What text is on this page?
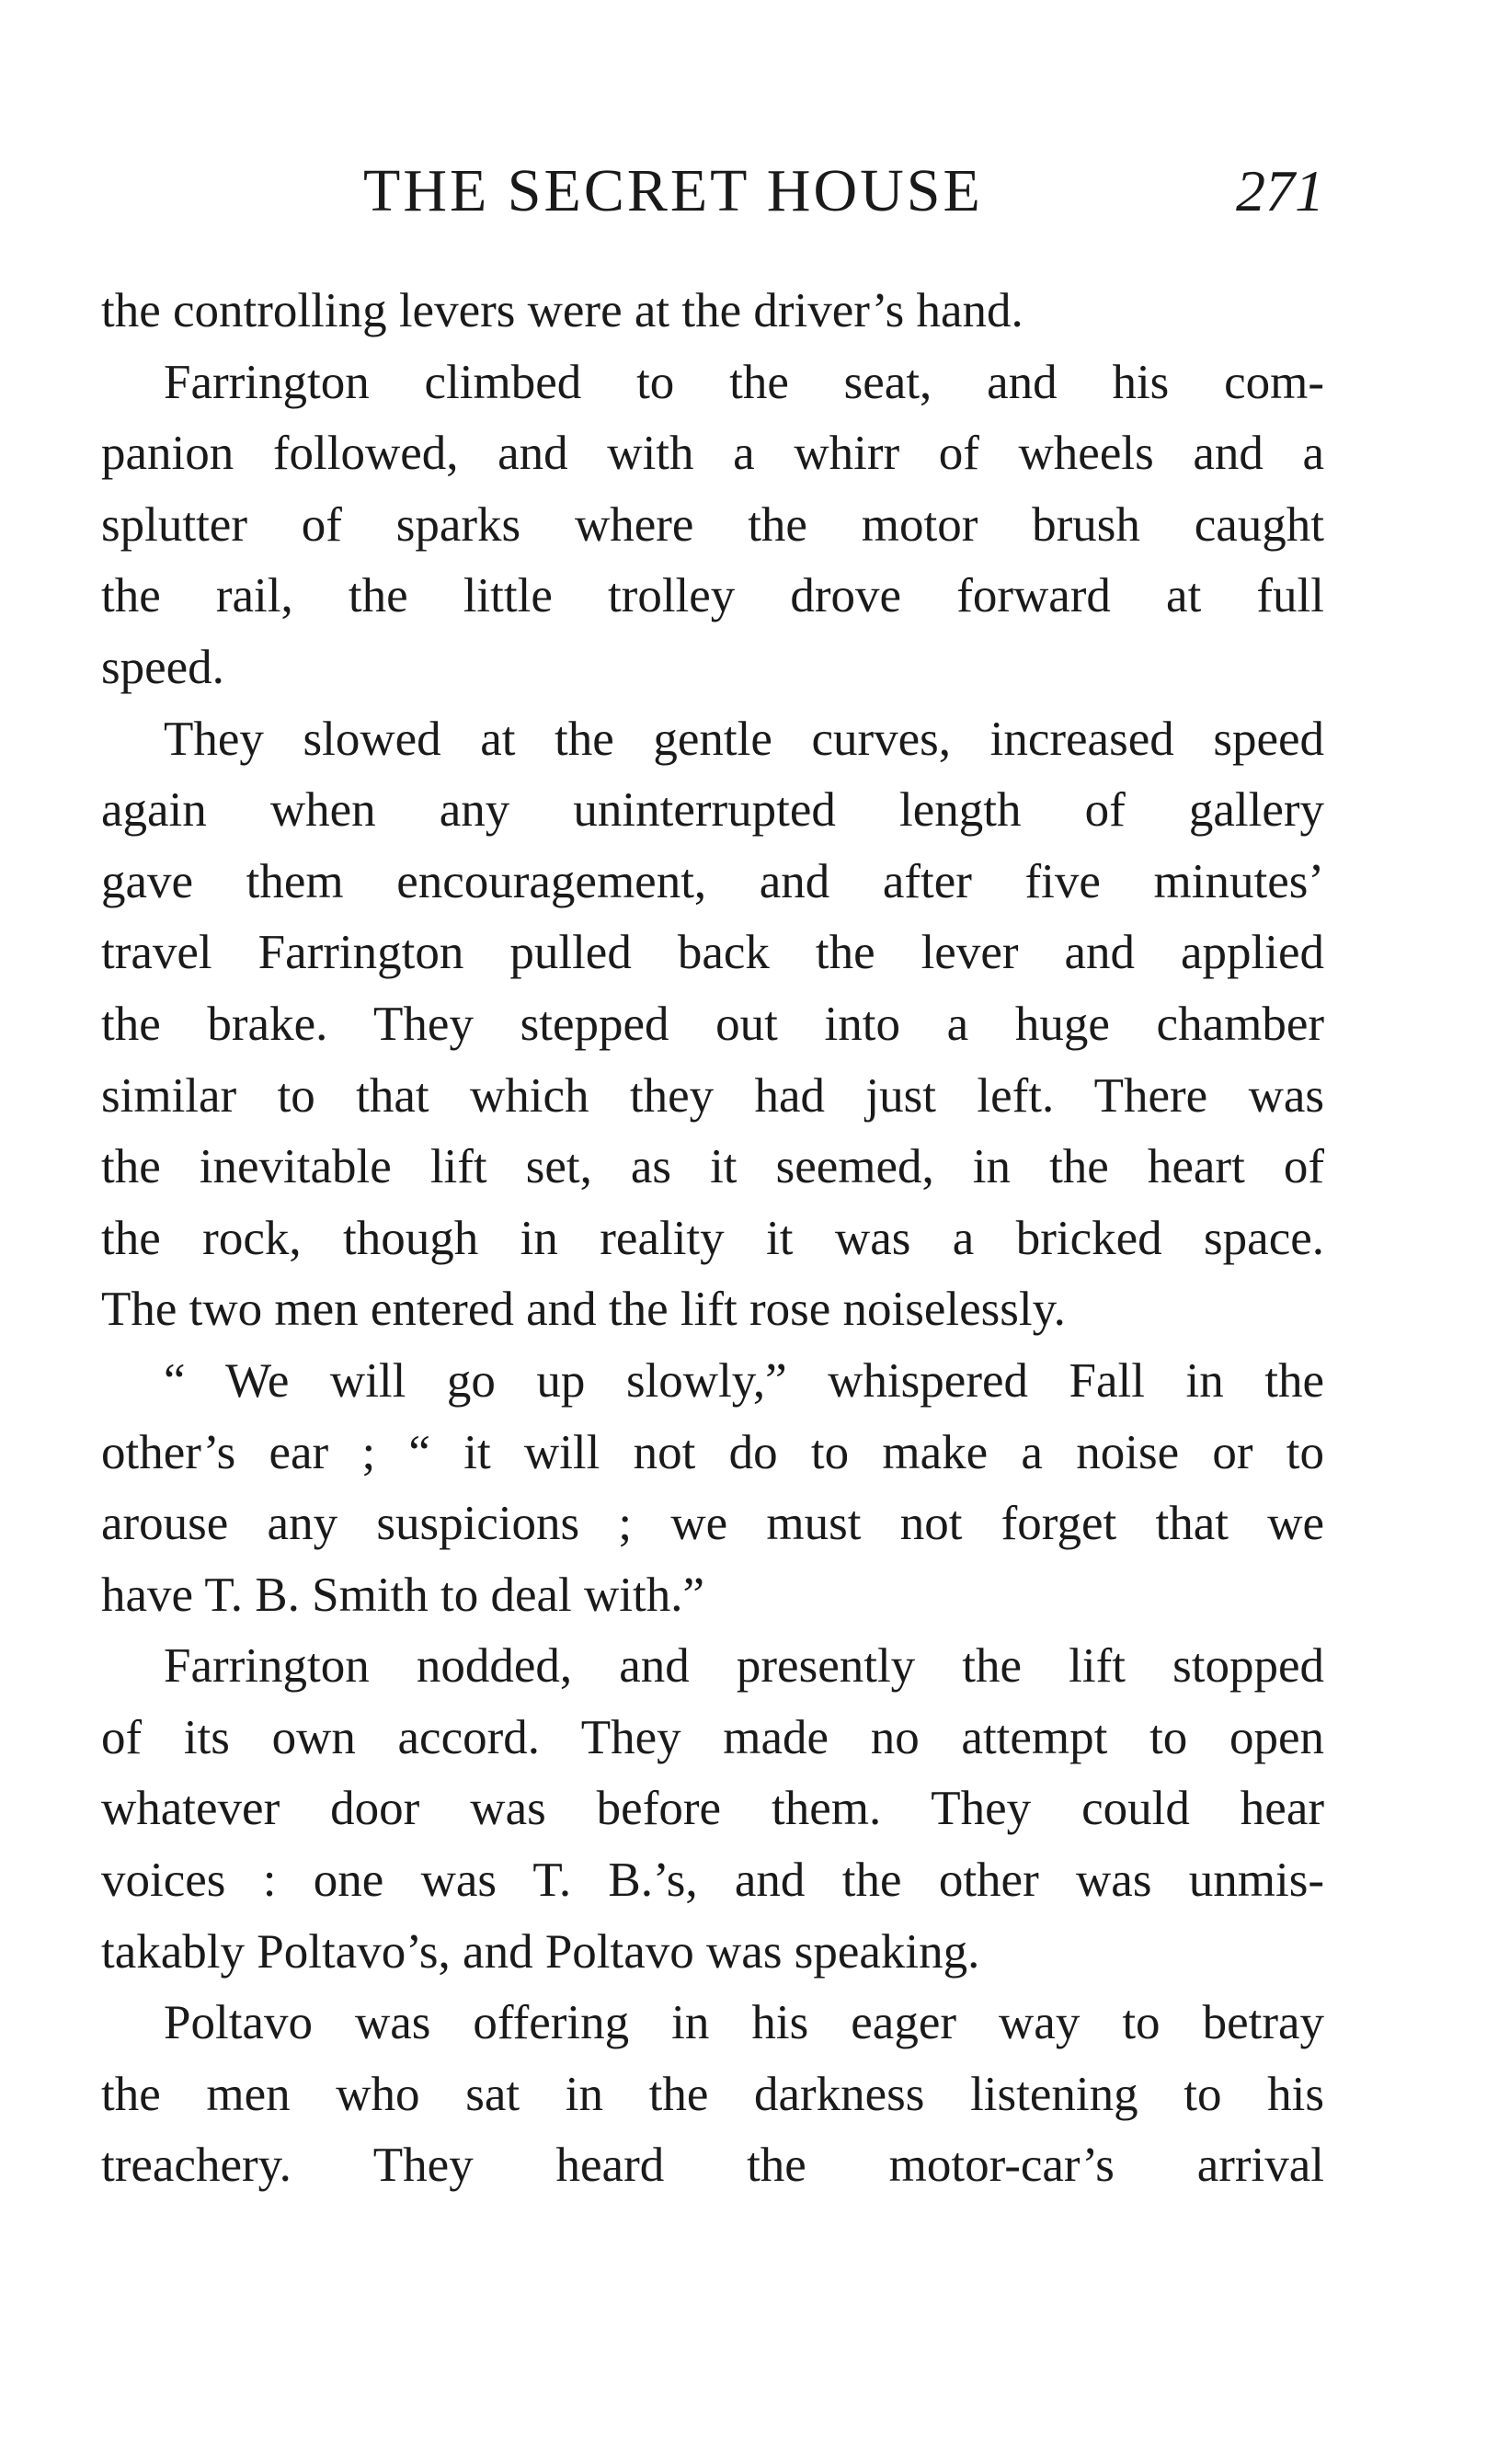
THE SECRET HOUSE	271
the controlling levers were at the driver’s hand.
Farrington climbed to the seat, and his com-
panion followed, and with a whirr of wheels and a
splutter of sparks where the motor brush caught
the rail, the little trolley drove forward at full
speed.
They slowed at the gentle curves, increased speed
again when any uninterrupted length of gallery
gave them encouragement, and after five minutes’
travel Farrington pulled back the lever and applied
the brake. They stepped out into a huge chamber
similar to that which they had just left. There was
the inevitable lift set, as it seemed, in the heart of
the rock, though in reality it was a bricked space.
The two men entered and the lift rose noiselessly.
“ We will go up slowly,” whispered Fall in the
other’s ear ; “ it will not do to make a noise or to
arouse any suspicions ; we must not forget that we
have T. B. Smith to deal with.”
Farrington nodded, and presently the lift stopped
of its own accord. They made no attempt to open
whatever door was before them. They could hear
voices : one was T. B.’s, and the other was unmis-
takably Poltavo’s, and Poltavo was speaking.
Poltavo was offering in his eager way to betray
the men who sat in the darkness listening to his
treachery. They heard the motor-car’s arrival
